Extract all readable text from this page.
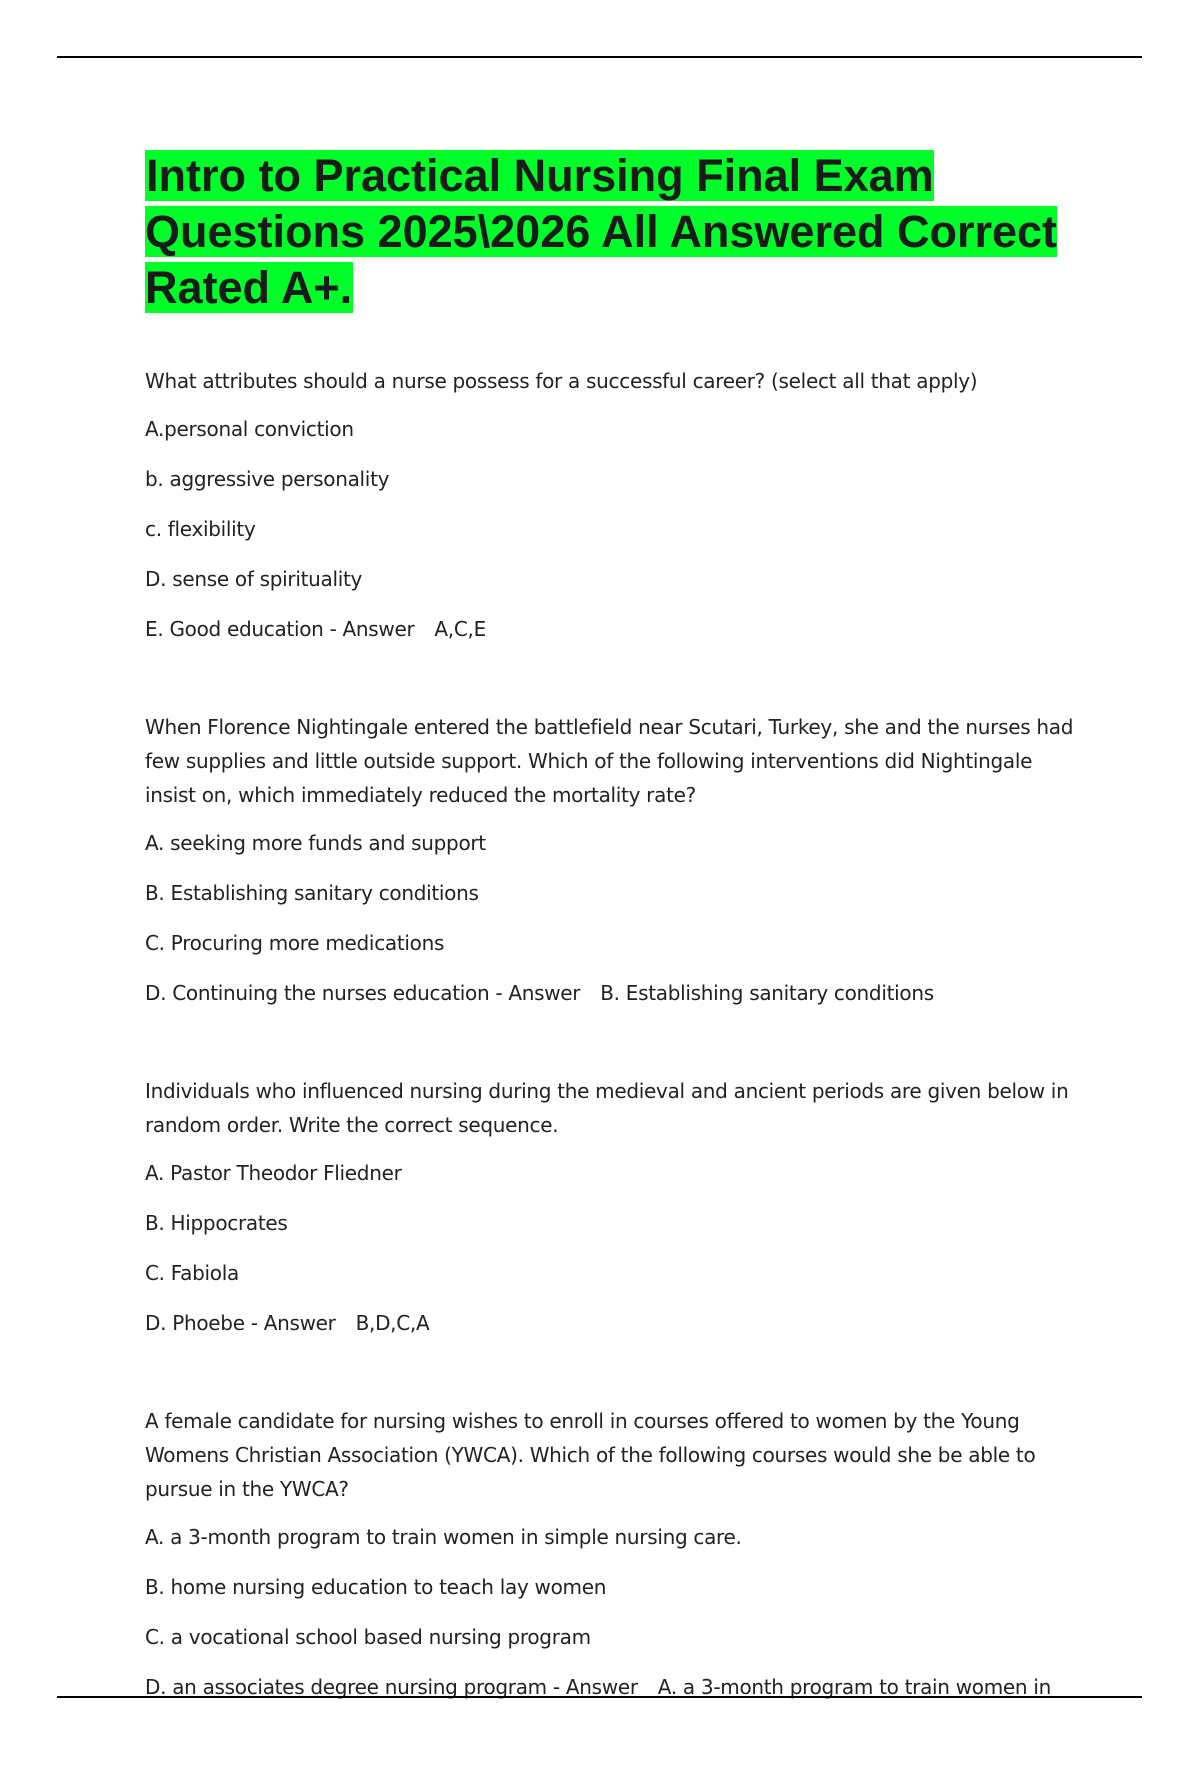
Intro to Practical Nursing Final Exam Questions 2025\2026 All Answered Correct Rated A+.

What attributes should a nurse possess for a successful career? (select all that apply)

A.personal conviction

b. aggressive personality

c. flexibility

D. sense of spirituality

E. Good education - Answer A,C,E

When Florence Nightingale entered the battlefield near Scutari, Turkey, she and the nurses had few supplies and little outside support. Which of the following interventions did Nightingale insist on, which immediately reduced the mortality rate?

A. seeking more funds and support

B. Establishing sanitary conditions

C. Procuring more medications

D. Continuing the nurses education - Answer B. Establishing sanitary conditions

Individuals who influenced nursing during the medieval and ancient periods are given below in random order. Write the correct sequence.

A. Pastor Theodor Fliedner

B. Hippocrates

C. Fabiola

D. Phoebe - Answer B,D,C,A

A female candidate for nursing wishes to enroll in courses offered to women by the Young Womens Christian Association (YWCA). Which of the following courses would she be able to pursue in the YWCA?

A. a 3-month program to train women in simple nursing care.

B. home nursing education to teach lay women

C. a vocational school based nursing program

D. an associates degree nursing program - Answer A. a 3-month program to train women in
